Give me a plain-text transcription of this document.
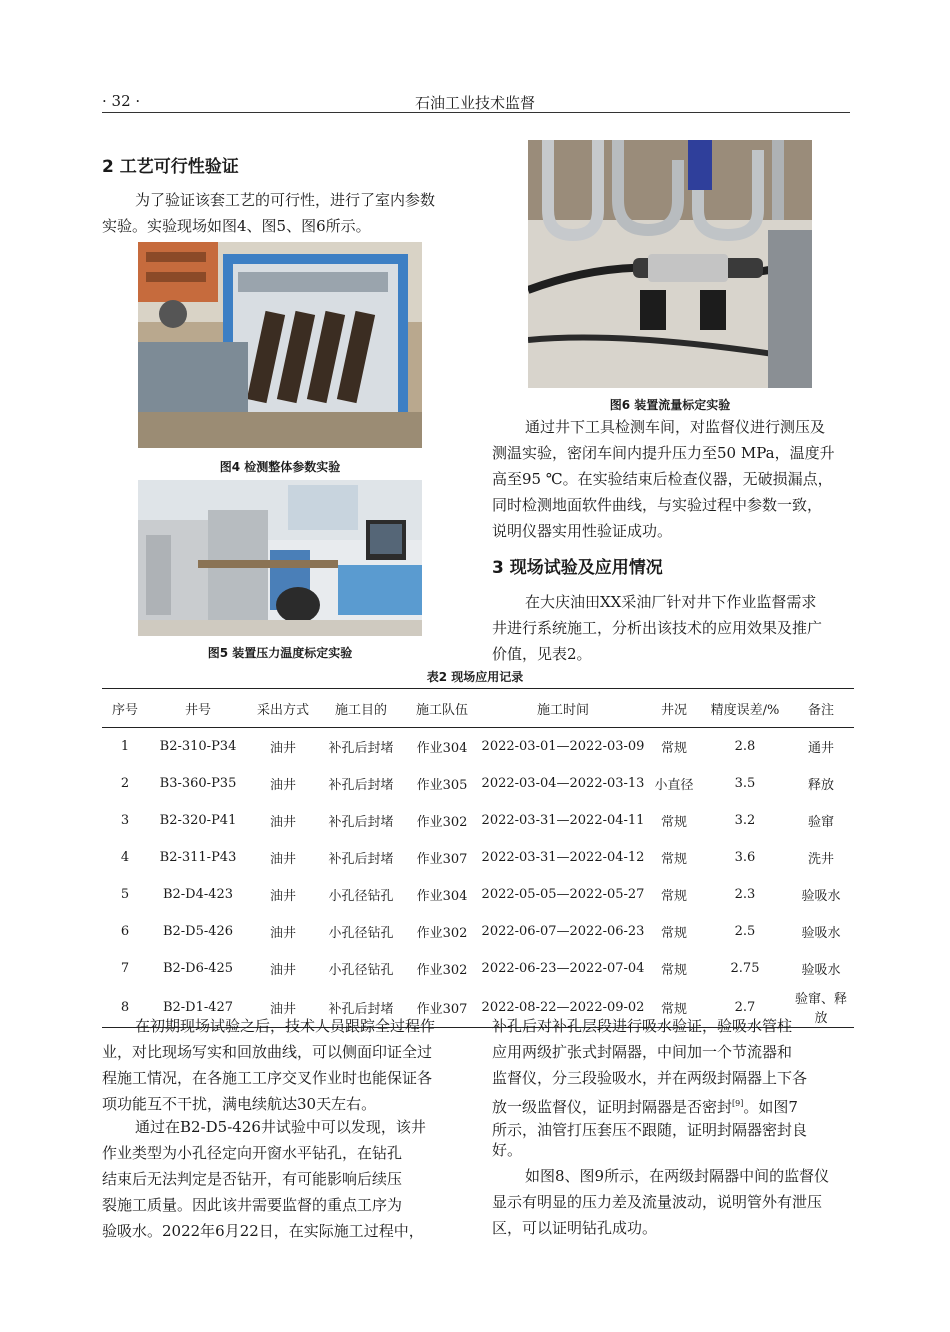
· 32 ·	石油工业技术监督
2 工艺可行性验证
为了验证该套工艺的可行性，进行了室内参数
实验。实验现场如图4、图5、图6所示。
图4 检测整体参数实验
图5 装置压力温度标定实验
图6 装置流量标定实验
通过井下工具检测车间，对监督仪进行测压及
测温实验，密闭车间内提升压力至50 MPa，温度升
高至95 ℃。在实验结束后检查仪器，无破损漏点，
同时检测地面软件曲线，与实验过程中参数一致，
说明仪器实用性验证成功。
3 现场试验及应用情况
在大庆油田XX采油厂针对井下作业监督需求
井进行系统施工，分析出该技术的应用效果及推广
价值，见表2。
表2 现场应用记录
序号	井号	采出方式	施工目的	施工队伍	施工时间	井况	精度误差/%	备注
1	B2-310-P34	油井	补孔后封堵	作业304	2022-03-01—2022-03-09	常规	2.8	通井
2	B3-360-P35	油井	补孔后封堵	作业305	2022-03-04—2022-03-13	小直径	3.5	释放
3	B2-320-P41	油井	补孔后封堵	作业302	2022-03-31—2022-04-11	常规	3.2	验窜
4	B2-311-P43	油井	补孔后封堵	作业307	2022-03-31—2022-04-12	常规	3.6	洗井
5	B2-D4-423	油井	小孔径钻孔	作业304	2022-05-05—2022-05-27	常规	2.3	验吸水
6	B2-D5-426	油井	小孔径钻孔	作业302	2022-06-07—2022-06-23	常规	2.5	验吸水
7	B2-D6-425	油井	小孔径钻孔	作业302	2022-06-23—2022-07-04	常规	2.75	验吸水
8	B2-D1-427	油井	补孔后封堵	作业307	2022-08-22—2022-09-02	常规	2.7	验窜、释放
在初期现场试验之后，技术人员跟踪全过程作
业，对比现场写实和回放曲线，可以侧面印证全过
程施工情况，在各施工工序交叉作业时也能保证各
项功能互不干扰，满电续航达30天左右。
通过在B2-D5-426井试验中可以发现，该井
作业类型为小孔径定向开窗水平钻孔，在钻孔
结束后无法判定是否钻开，有可能影响后续压
裂施工质量。因此该井需要监督的重点工序为
验吸水。2022年6月22日，在实际施工过程中，
补孔后对补孔层段进行吸水验证，验吸水管柱
应用两级扩张式封隔器，中间加一个节流器和
监督仪，分三段验吸水，并在两级封隔器上下各
放一级监督仪，证明封隔器是否密封[9]。如图7
所示，油管打压套压不跟随，证明封隔器密封良
好。
如图8、图9所示，在两级封隔器中间的监督仪
显示有明显的压力差及流量波动，说明管外有泄压
区，可以证明钻孔成功。
